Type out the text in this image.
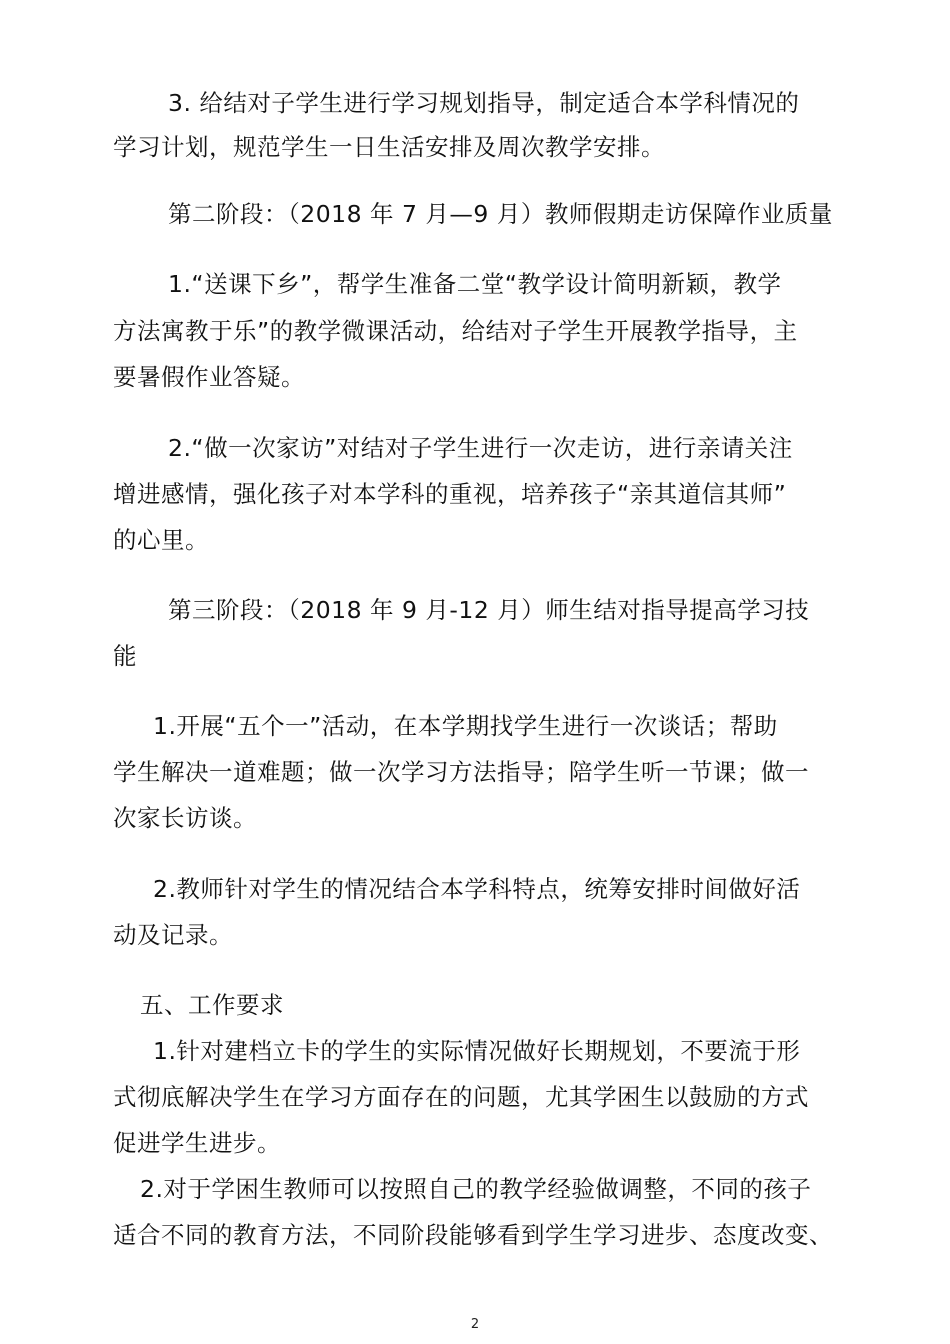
3. 给结对子学生进行学习规划指导，制定适合本学科情况的
学习计划，规范学生一日生活安排及周次教学安排。
第二阶段：（2018 年 7 月—9 月）教师假期走访保障作业质量
1.“送课下乡”，帮学生准备二堂“教学设计简明新颖，教学
方法寓教于乐”的教学微课活动，给结对子学生开展教学指导，主
要暑假作业答疑。
2.“做一次家访”对结对子学生进行一次走访，进行亲请关注
增进感情，强化孩子对本学科的重视，培养孩子“亲其道信其师”
的心里。
第三阶段：（2018 年 9 月-12 月）师生结对指导提高学习技
能
1.开展“五个一”活动，在本学期找学生进行一次谈话；帮助
学生解决一道难题；做一次学习方法指导；陪学生听一节课；做一
次家长访谈。
2.教师针对学生的情况结合本学科特点，统筹安排时间做好活
动及记录。
五、工作要求
1.针对建档立卡的学生的实际情况做好长期规划，不要流于形
式彻底解决学生在学习方面存在的问题，尤其学困生以鼓励的方式
促进学生进步。
2.对于学困生教师可以按照自己的教学经验做调整，不同的孩子
适合不同的教育方法，不同阶段能够看到学生学习进步、态度改变、
2
